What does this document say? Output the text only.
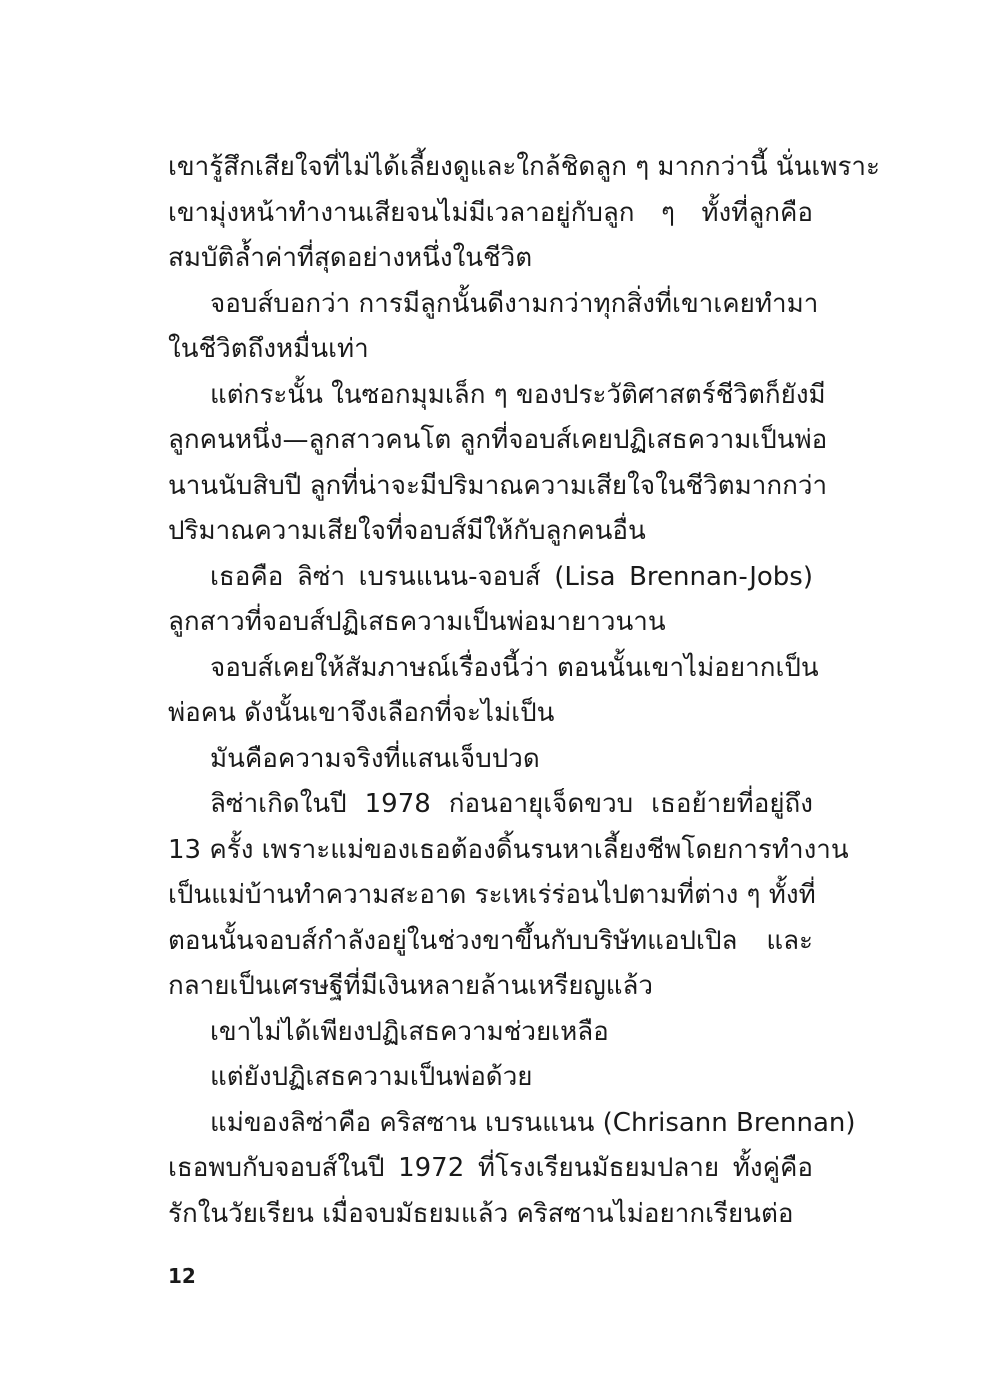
เขารู้สึกเสียใจที่ไม่ได้เลี้ยงดูและใกล้ชิดลูก ๆ มากกว่านี้ นั่นเพราะ
เขามุ่งหน้าทำงานเสียจนไม่มีเวลาอยู่กับลูก ๆ ทั้งที่ลูกคือ
สมบัติล้ำค่าที่สุดอย่างหนึ่งในชีวิต
จอบส์บอกว่า การมีลูกนั้นดีงามกว่าทุกสิ่งที่เขาเคยทำมา
ในชีวิตถึงหมื่นเท่า
แต่กระนั้น ในซอกมุมเล็ก ๆ ของประวัติศาสตร์ชีวิตก็ยังมี
ลูกคนหนึ่ง—ลูกสาวคนโต ลูกที่จอบส์เคยปฏิเสธความเป็นพ่อ
นานนับสิบปี ลูกที่น่าจะมีปริมาณความเสียใจในชีวิตมากกว่า
ปริมาณความเสียใจที่จอบส์มีให้กับลูกคนอื่น
เธอคือ ลิซ่า เบรนแนน-จอบส์ (Lisa Brennan-Jobs)
ลูกสาวที่จอบส์ปฏิเสธความเป็นพ่อมายาวนาน
จอบส์เคยให้สัมภาษณ์เรื่องนี้ว่า ตอนนั้นเขาไม่อยากเป็น
พ่อคน ดังนั้นเขาจึงเลือกที่จะไม่เป็น
มันคือความจริงที่แสนเจ็บปวด
ลิซ่าเกิดในปี 1978 ก่อนอายุเจ็ดขวบ เธอย้ายที่อยู่ถึง
13 ครั้ง เพราะแม่ของเธอต้องดิ้นรนหาเลี้ยงชีพโดยการทำงาน
เป็นแม่บ้านทำความสะอาด ระเหเร่ร่อนไปตามที่ต่าง ๆ ทั้งที่
ตอนนั้นจอบส์กำลังอยู่ในช่วงขาขึ้นกับบริษัทแอปเปิล และ
กลายเป็นเศรษฐีที่มีเงินหลายล้านเหรียญแล้ว
เขาไม่ได้เพียงปฏิเสธความช่วยเหลือ
แต่ยังปฏิเสธความเป็นพ่อด้วย
แม่ของลิซ่าคือ คริสซาน เบรนแนน (Chrisann Brennan)
เธอพบกับจอบส์ในปี 1972 ที่โรงเรียนมัธยมปลาย ทั้งคู่คือ
รักในวัยเรียน เมื่อจบมัธยมแล้ว คริสซานไม่อยากเรียนต่อ
12
